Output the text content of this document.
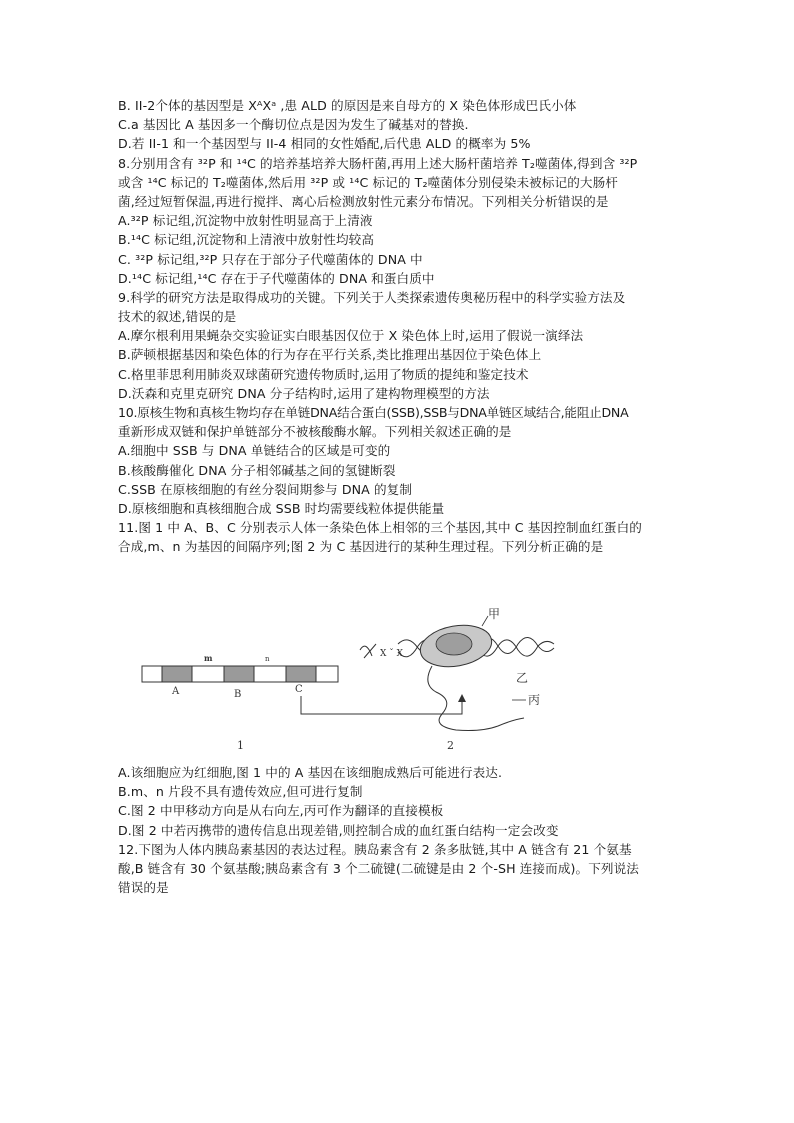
B. II-2个体的基因型是 XᴬXᵃ ,患 ALD 的原因是来自母方的 X 染色体形成巴氏小体
C.a 基因比 A 基因多一个酶切位点是因为发生了碱基对的替换.
D.若 II-1 和一个基因型与 II-4 相同的女性婚配,后代患 ALD 的概率为 5%
8.分别用含有 ³²P 和 ¹⁴C 的培养基培养大肠杆菌,再用上述大肠杆菌培养 T₂噬菌体,得到含 ³²P
或含 ¹⁴C 标记的 T₂噬菌体,然后用 ³²P 或 ¹⁴C 标记的 T₂噬菌体分别侵染未被标记的大肠杆
菌,经过短暂保温,再进行搅拌、离心后检测放射性元素分布情况。下列相关分析错误的是
A.³²P 标记组,沉淀物中放射性明显高于上清液
B.¹⁴C 标记组,沉淀物和上清液中放射性均较高
C. ³²P 标记组,³²P 只存在于部分子代噬菌体的 DNA 中
D.¹⁴C 标记组,¹⁴C 存在于子代噬菌体的 DNA 和蛋白质中
9.科学的研究方法是取得成功的关键。下列关于人类探索遗传奥秘历程中的科学实验方法及
技术的叙述,错误的是
A.摩尔根利用果蝇杂交实验证实白眼基因仅位于 X 染色体上时,运用了假说一演绎法
B.萨顿根据基因和染色体的行为存在平行关系,类比推理出基因位于染色体上
C.格里菲思利用肺炎双球菌研究遗传物质时,运用了物质的提纯和鉴定技术
D.沃森和克里克研究 DNA 分子结构时,运用了建构物理模型的方法
10.原核生物和真核生物均存在单链DNA结合蛋白(SSB),SSB与DNA单链区域结合,能阻止DNA
重新形成双链和保护单链部分不被核酸酶水解。下列相关叙述正确的是
A.细胞中 SSB 与 DNA 单链结合的区域是可变的
B.核酸酶催化 DNA 分子相邻碱基之间的氢键断裂
C.SSB 在原核细胞的有丝分裂间期参与 DNA 的复制
D.原核细胞和真核细胞合成 SSB 时均需要线粒体提供能量
11.图 1 中 A、B、C 分别表示人体一条染色体上相邻的三个基因,其中 C 基因控制血红蛋白的
合成,m、n 为基因的间隔序列;图 2 为 C 基因进行的某种生理过程。下列分析正确的是
m	n
A	B	C
X ˇ X
甲
乙
丙
1	2
A.该细胞应为红细胞,图 1 中的 A 基因在该细胞成熟后可能进行表达.
B.m、n 片段不具有遗传效应,但可进行复制
C.图 2 中甲移动方向是从右向左,丙可作为翻译的直接模板
D.图 2 中若丙携带的遗传信息出现差错,则控制合成的血红蛋白结构一定会改变
12.下图为人体内胰岛素基因的表达过程。胰岛素含有 2 条多肽链,其中 A 链含有 21 个氨基
酸,B 链含有 30 个氨基酸;胰岛素含有 3 个二硫键(二硫键是由 2 个-SH 连接而成)。下列说法
错误的是
